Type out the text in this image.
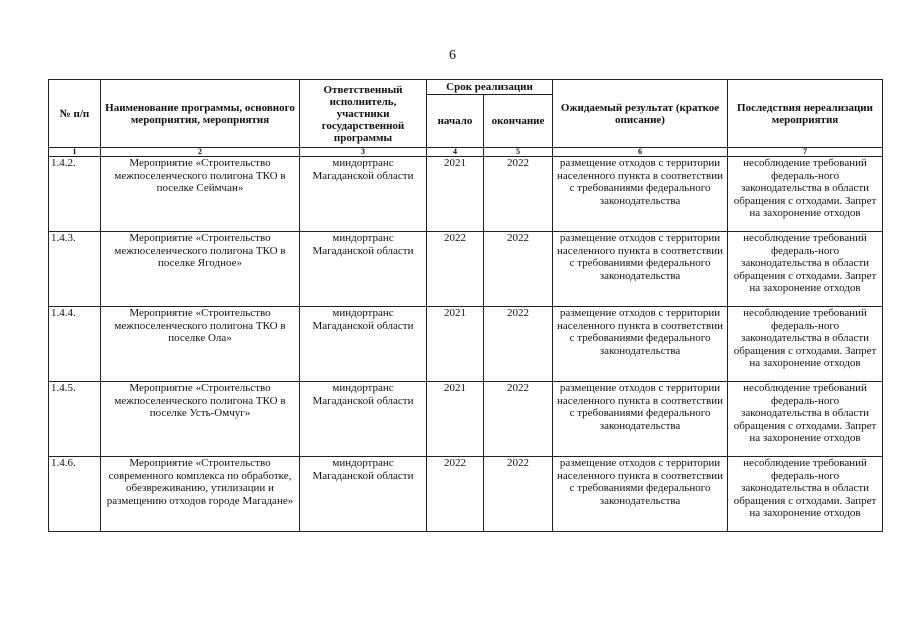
6
№ п/п	Наименование программы, основного мероприятия, мероприятия	Ответственный исполнитель, участники государственной программы	Срок реализации		Ожидаемый результат (краткое описание)	Последствия нереализации мероприятия
			начало	окончание		
1	2	3	4	5	6	7
1.4.2.	Мероприятие «Строительство межпоселенческого полигона ТКО в поселке Сеймчан»	миндортранс Магаданской области	2021	2022	размещение отходов с территории населенного пункта в соответствии с требованиями федерального законодательства	несоблюдение требований федераль-ного законодательства в области обращения с отходами. Запрет на захоронение отходов
1.4.3.	Мероприятие «Строительство межпоселенческого полигона ТКО в поселке Ягодное»	миндортранс Магаданской области	2022	2022	размещение отходов с территории населенного пункта в соответствии с требованиями федерального законодательства	несоблюдение требований федераль-ного законодательства в области обращения с отходами. Запрет на захоронение отходов
1.4.4.	Мероприятие «Строительство межпоселенческого полигона ТКО в поселке Ола»	миндортранс Магаданской области	2021	2022	размещение отходов с территории населенного пункта в соответствии с требованиями федерального законодательства	несоблюдение требований федераль-ного законодательства в области обращения с отходами. Запрет на захоронение отходов
1.4.5.	Мероприятие «Строительство межпоселенческого полигона ТКО в поселке Усть-Омчуг»	миндортранс Магаданской области	2021	2022	размещение отходов с территории населенного пункта в соответствии с требованиями федерального законодательства	несоблюдение требований федераль-ного законодательства в области обращения с отходами. Запрет на захоронение отходов
1.4.6.	Мероприятие «Строительство современного комплекса по обработке, обезвреживанию, утилизации и размещению отходов городе Магадане»	миндортранс Магаданской области	2022	2022	размещение отходов с территории населенного пункта в соответствии с требованиями федерального законодательства	несоблюдение требований федераль-ного законодательства в области обращения с отходами. Запрет на захоронение отходов
